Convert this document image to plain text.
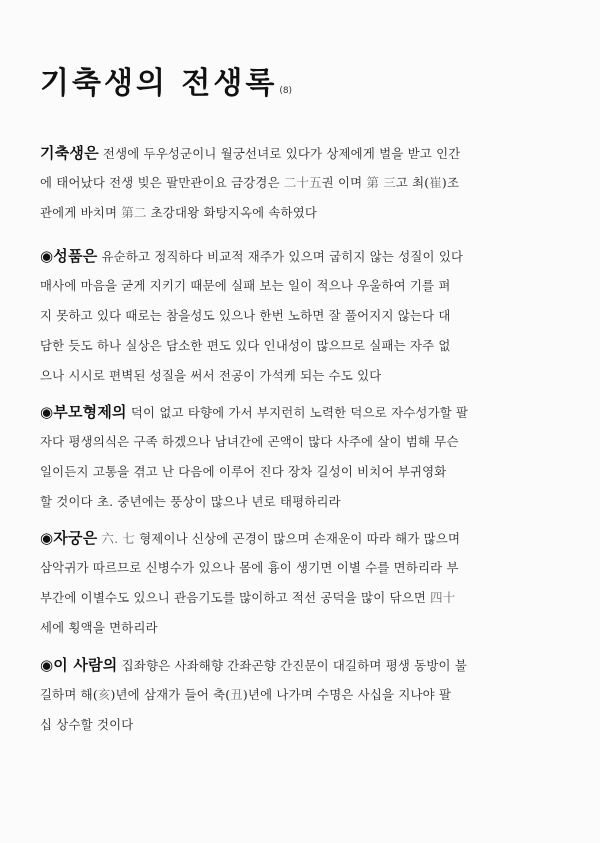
기축생의 전생록 (8)
기축생은 전생에 두우성군이니 월궁선녀로 있다가 상제에게 벌을 받고 인간
에 태어났다 전생 빚은 팔만관이요 금강경은 二十五권 이며 第 三고 최(崔)조
관에게 바치며 第二 초강대왕 화탕지옥에 속하였다
◉성품은 유순하고 정직하다 비교적 재주가 있으며 굽히지 않는 성질이 있다
매사에 마음을 굳게 지키기 때문에 실패 보는 일이 적으나 우울하여 기를 펴
지 못하고 있다 때로는 참을성도 있으나 한번 노하면 잘 풀어지지 않는다 대
담한 듯도 하나 실상은 담소한 편도 있다 인내성이 많으므로 실패는 자주 없
으나 시시로 편벽된 성질을 써서 전공이 가석케 되는 수도 있다
◉부모형제의 덕이 없고 타향에 가서 부지런히 노력한 덕으로 자수성가할 팔
자다 평생의식은 구족 하겠으나 남녀간에 곤액이 많다 사주에 살이 범해 무슨
일이든지 고통을 겪고 난 다음에 이루어 진다 장차 길성이 비치어 부귀영화
할 것이다 초. 중년에는 풍상이 많으나 년로 태평하리라
◉자궁은 六. 七 형제이나 신상에 곤경이 많으며 손재운이 따라 해가 많으며
삼악귀가 따르므로 신병수가 있으나 몸에 흉이 생기면 이별 수를 면하리라 부
부간에 이별수도 있으니 관음기도를 많이하고 적선 공덕을 많이 닦으면 四十
세에 횡액을 면하리라
◉이 사람의 집좌향은 사좌해향 간좌곤향 간진문이 대길하며 평생 동방이 불
길하며 해(亥)년에 삼재가 들어 축(丑)년에 나가며 수명은 사십을 지나야 팔
십 상수할 것이다
